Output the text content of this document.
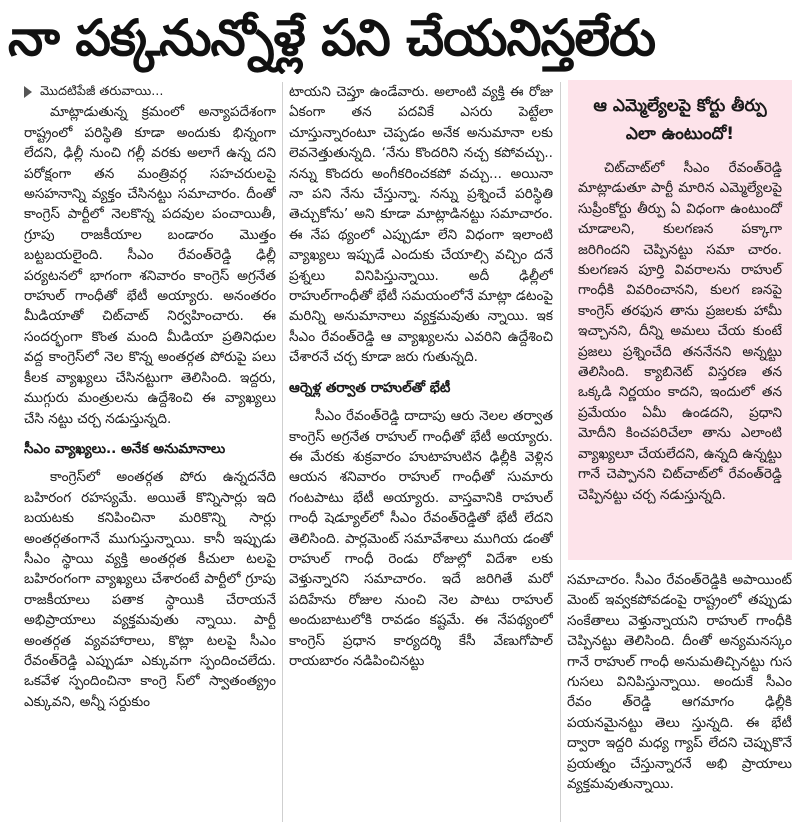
నా పక్కనున్నోళ్లే పని చేయనిస్తలేరు

మొదటిపేజీ తరువాయి...

మాట్లాడుతున్న క్రమంలో అన్యాపదేశంగా రాష్ట్రంలో పరిస్థితి కూడా అందుకు భిన్నంగా లేదని, ఢిల్లీ నుంచి గల్లీ వరకు అలాగే ఉన్న దని పరోక్షంగా తన మంత్రివర్గ సహచరులపై అసహనాన్ని వ్యక్తం చేసినట్టు సమాచారం. దీంతో కాంగ్రెస్ పార్టీలో నెలకొన్న పదవుల పంచాయితీ, గ్రూపు రాజకీయాల బండారం మొత్తం బట్టబయలైంది. సీఎం రేవంత్‌రెడ్డి ఢిల్లీ పర్యటనలో భాగంగా శనివారం కాంగ్రెస్ అగ్రనేత రాహుల్ గాంధీతో భేటీ అయ్యారు. అనంతరం మీడియాతో చిట్‌చాట్ నిర్వహించారు. ఈ సందర్భంగా కొంత మంది మీడియా ప్రతినిధుల వద్ద కాంగ్రెస్‌లో నెల కొన్న అంతర్గత పోరుపై పలు కీలక వ్యాఖ్యలు చేసినట్టుగా తెలిసింది. ఇద్దరు, ముగ్గురు మంత్రులను ఉద్దేశించి ఈ వ్యాఖ్యలు చేసి నట్టు చర్చ నడుస్తున్నది.

సీఎం వ్యాఖ్యలు.. అనేక అనుమానాలు

కాంగ్రెస్‌లో అంతర్గత పోరు ఉన్నదనేది బహిరంగ రహస్యమే. అయితే కొన్నిసార్లు ఇది బయటకు కనిపించినా మరికొన్ని సార్లు అంతర్గతంగానే ముగుస్తున్నాయి. కానీ ఇప్పుడు సీఎం స్థాయి వ్యక్తి అంతర్గత కీచులా టలపై బహిరంగంగా వ్యాఖ్యలు చేశారంటే పార్టీలో గ్రూపు రాజకీయాలు పతాక స్థాయికి చేరాయనే అభిప్రాయాలు వ్యక్తమవుతు న్నాయి. పార్టీ అంతర్గత వ్యవహారాలు, కొట్లా టలపై సీఎం రేవంత్‌రెడ్డి ఎప్పుడూ ఎక్కువగా స్పందించలేదు. ఒకవేళ స్పందించినా కాంగ్రె స్‌లో స్వాతంత్య్రం ఎక్కువని, అన్నీ సర్దుకుం

టాయని చెప్తూ ఉండేవారు. అలాంటి వ్యక్తి ఈ రోజు ఏకంగా తన పదవికే ఎసరు పెట్టేలా చూస్తున్నారంటూ చెప్పడం అనేక అనుమానా లకు లెవనెత్తుతున్నది. ‘నేను కొందరిని నచ్చ కపోవచ్చు.. నన్ను కొందరు అంగీకరించకపో వచ్చు... అయినా నా పని నేను చేస్తున్నా. నన్ను ప్రశ్నించే పరిస్థితి తెచ్చుకోను’ అని కూడా మాట్లాడినట్టు సమాచారం. ఈ నేప థ్యంలో ఎప్పుడూ లేని విధంగా ఇలాంటి వ్యాఖ్యలు ఇప్పుడే ఎందుకు చేయాల్సి వచ్చిం దనే ప్రశ్నలు వినిపిస్తున్నాయి. అదీ ఢిల్లీలో రాహుల్‌గాంధీతో భేటీ సమయంలోనే మాట్లా డటంపై మరిన్ని అనుమానాలు వ్యక్తమవుతు న్నాయి. ఇక సీఎం రేవంత్‌రెడ్డి ఆ వ్యాఖ్యలను ఎవరిని ఉద్దేశించి చేశారనే చర్చ కూడా జరు గుతున్నది.

ఆర్నెళ్ల తర్వాత రాహుల్‌తో భేటీ

సీఎం రేవంత్‌రెడ్డి దాదాపు ఆరు నెలల తర్వాత కాంగ్రెస్ అగ్రనేత రాహుల్ గాంధీతో భేటీ అయ్యారు. ఈ మేరకు శుక్రవారం హుటాహుటిన ఢిల్లీకి వెళ్లిన ఆయన శనివారం రాహుల్ గాంధీతో సుమారు గంటపాటు భేటీ అయ్యారు. వాస్తవానికి రాహుల్ గాంధీ షెడ్యూల్‌లో సీఎం రేవంత్‌రెడ్డితో భేటీ లేదని తెలిసింది. పార్లమెంట్ సమావేశాలు ముగియ డంతో రాహుల్ గాంధీ రెండు రోజుల్లో విదేశా లకు వెళ్తున్నారని సమాచారం. ఇదే జరిగితే మరో పదిహేను రోజుల నుంచి నెల పాటు రాహుల్ అందుబాటులోకి రావడం కష్టమే. ఈ నేపథ్యంలో కాంగ్రెస్ ప్రధాన కార్యదర్శి కేసీ వేణుగోపాల్ రాయబారం నడిపించినట్టు

ఆ ఎమ్మెల్యేలపై కోర్టు తీర్పు ఎలా ఉంటుందో!

చిట్‌చాట్‌లో సీఎం రేవంత్‌రెడ్డి మాట్లాడుతూ పార్టీ మారిన ఎమ్మెల్యేలపై సుప్రీంకోర్టు తీర్పు ఏ విధంగా ఉంటుందో చూడాలని, కులగణన పక్కాగా జరిగిందని చెప్పినట్టు సమా చారం. కులగణన పూర్తి వివరాలను రాహుల్ గాంధీకి వివరించానని, కులగ ణనపై కాంగ్రెస్ తరఫున తాను ప్రజలకు హామీ ఇచ్చానని, దీన్ని అమలు చేయ కుంటే ప్రజలు ప్రశ్నించేది తననేనని అన్నట్టు తెలిసింది. క్యాబినెట్ విస్తరణ తన ఒక్కడి నిర్ణయం కాదని, ఇందులో తన ప్రమేయం ఏమీ ఉండదని, ప్రధాని మోదీని కించపరిచేలా తాను ఎలాంటి వ్యాఖ్యలూ చేయలేదని, ఉన్నది ఉన్నట్టు గానే చెప్పానని చిట్‌చాట్‌లో రేవంత్‌రెడ్డి చెప్పినట్టు చర్చ నడుస్తున్నది.

సమాచారం. సీఎం రేవంత్‌రెడ్డికి అపాయింట్ మెంట్ ఇవ్వకపోవడంపై రాష్ట్రంలో తప్పుడు సంకేతాలు వెళ్తున్నాయని రాహుల్ గాంధీకి చెప్పినట్టు తెలిసింది. దీంతో అన్యమనస్కం గానే రాహుల్ గాంధీ అనుమతిచ్చినట్టు గుస గుసలు వినిపిస్తున్నాయి. అందుకే సీఎం రేవం త్‌రెడ్డి ఆగమాగం ఢిల్లీకి పయనమైనట్టు తెలు స్తున్నది. ఈ భేటీ ద్వారా ఇద్దరి మధ్య గ్యాప్ లేదని చెప్పుకొనే ప్రయత్నం చేస్తున్నారనే అభి ప్రాయాలు వ్యక్తమవుతున్నాయి.
